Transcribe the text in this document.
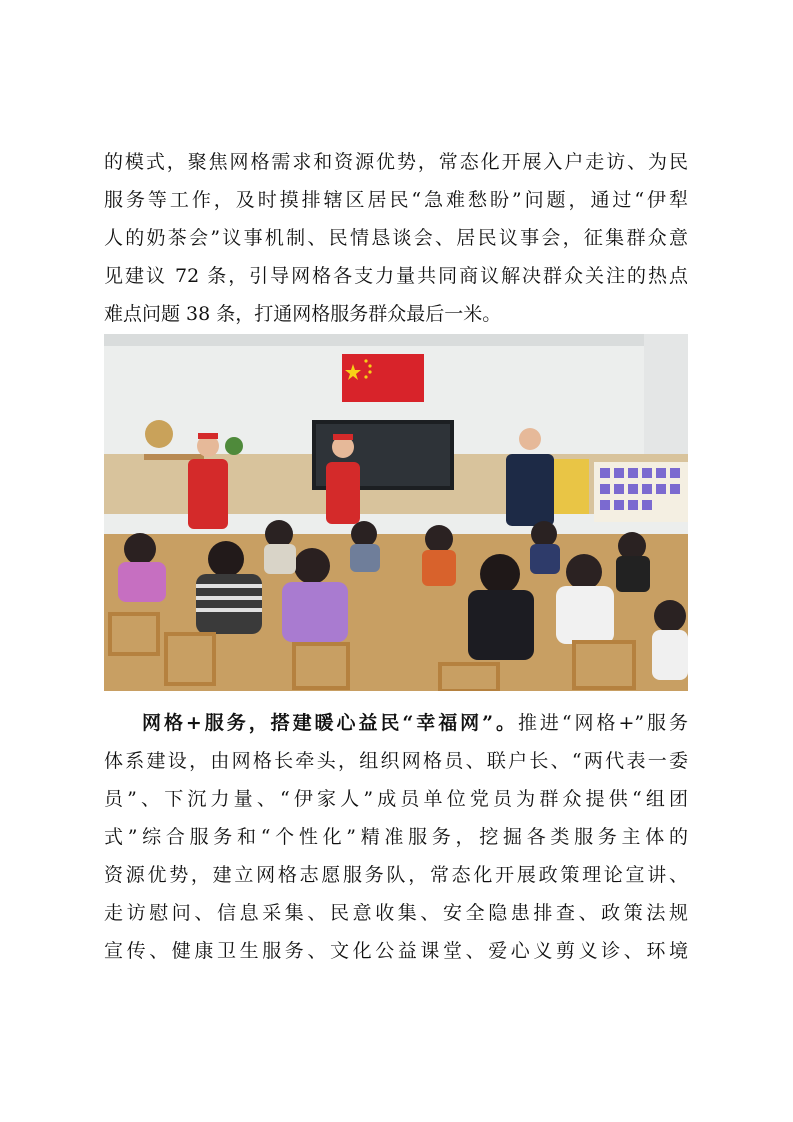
的模式，聚焦网格需求和资源优势，常态化开展入户走访、为民
服务等工作，及时摸排辖区居民“急难愁盼”问题，通过“伊犁
人的奶茶会”议事机制、民情恳谈会、居民议事会，征集群众意
见建议 72 条，引导网格各支力量共同商议解决群众关注的热点
难点问题 38 条，打通网格服务群众最后一米。
网格+服务，搭建暖心益民“幸福网”。推进“网格+”服务
体系建设，由网格长牵头，组织网格员、联户长、“两代表一委
员”、下沉力量、“伊家人”成员单位党员为群众提供“组团
式”综合服务和“个性化”精准服务，挖掘各类服务主体的
资源优势，建立网格志愿服务队，常态化开展政策理论宣讲、
走访慰问、信息采集、民意收集、安全隐患排查、政策法规
宣传、健康卫生服务、文化公益课堂、爱心义剪义诊、环境
